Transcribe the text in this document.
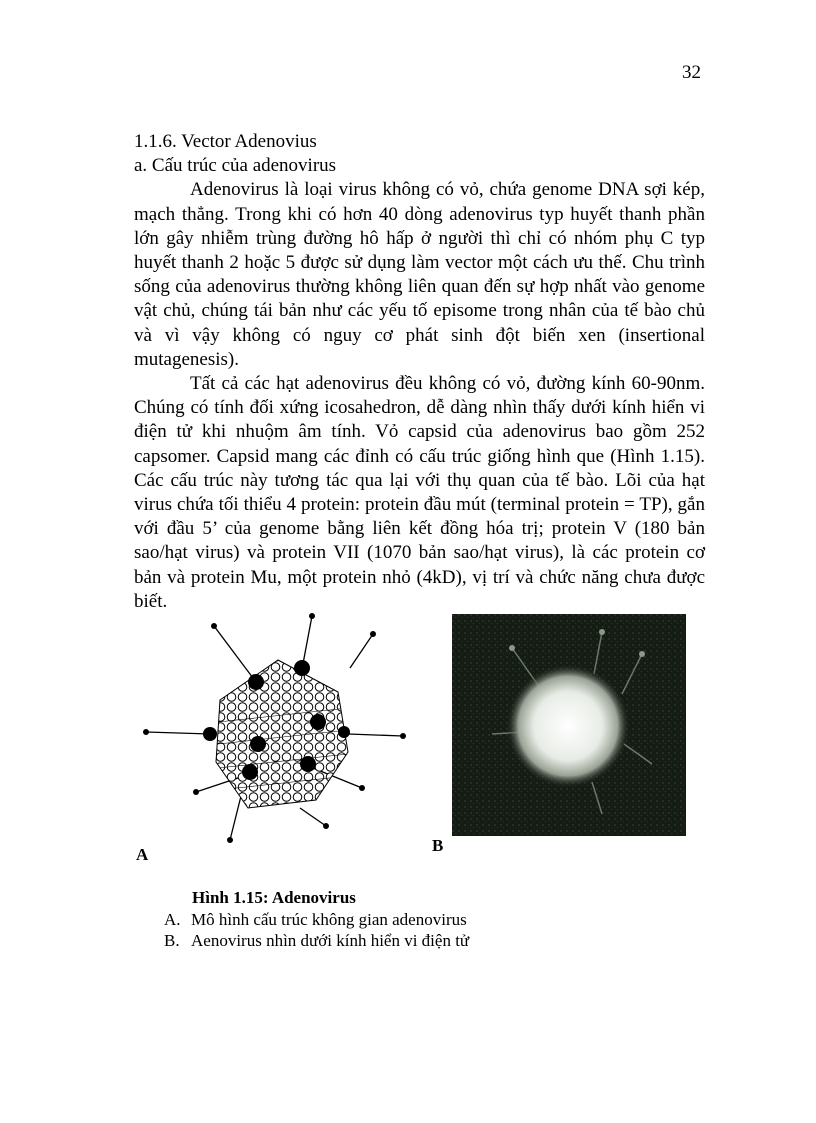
32

1.1.6. Vector Adenovius

a. Cấu trúc của adenovirus

Adenovirus là loại virus không có vỏ, chứa genome DNA sợi kép, mạch thẳng. Trong khi có hơn 40 dòng adenovirus typ huyết thanh phần lớn gây nhiễm trùng đường hô hấp ở người thì chỉ có nhóm phụ C typ huyết thanh 2 hoặc 5 được sử dụng làm vector một cách ưu thế. Chu trình sống của adenovirus thường không liên quan đến sự hợp nhất vào genome vật chủ, chúng tái bản như các yếu tố episome trong nhân của tế bào chủ và vì vậy không có nguy cơ phát sinh đột biến xen (insertional mutagenesis).

Tất cả các hạt adenovirus đều không có vỏ, đường kính 60-90nm. Chúng có tính đối xứng icosahedron, dễ dàng nhìn thấy dưới kính hiển vi điện tử khi nhuộm âm tính. Vỏ capsid của adenovirus bao gồm 252 capsomer. Capsid mang các đỉnh có cấu trúc giống hình que (Hình 1.15). Các cấu trúc này tương tác qua lại với thụ quan của tế bào. Lõi của hạt virus chứa tối thiểu 4 protein: protein đầu mút (terminal protein = TP), gắn với đầu 5’ của genome bằng liên kết đồng hóa trị; protein V (180 bản sao/hạt virus) và protein VII (1070 bản sao/hạt virus), là các protein cơ bản và protein Mu, một protein nhỏ (4kD), vị trí và chức năng chưa được biết.

A	B
Hình 1.15: Adenovirus
A. Mô hình cấu trúc không gian adenovirus
B. Aenovirus nhìn dưới kính hiển vi điện tử
